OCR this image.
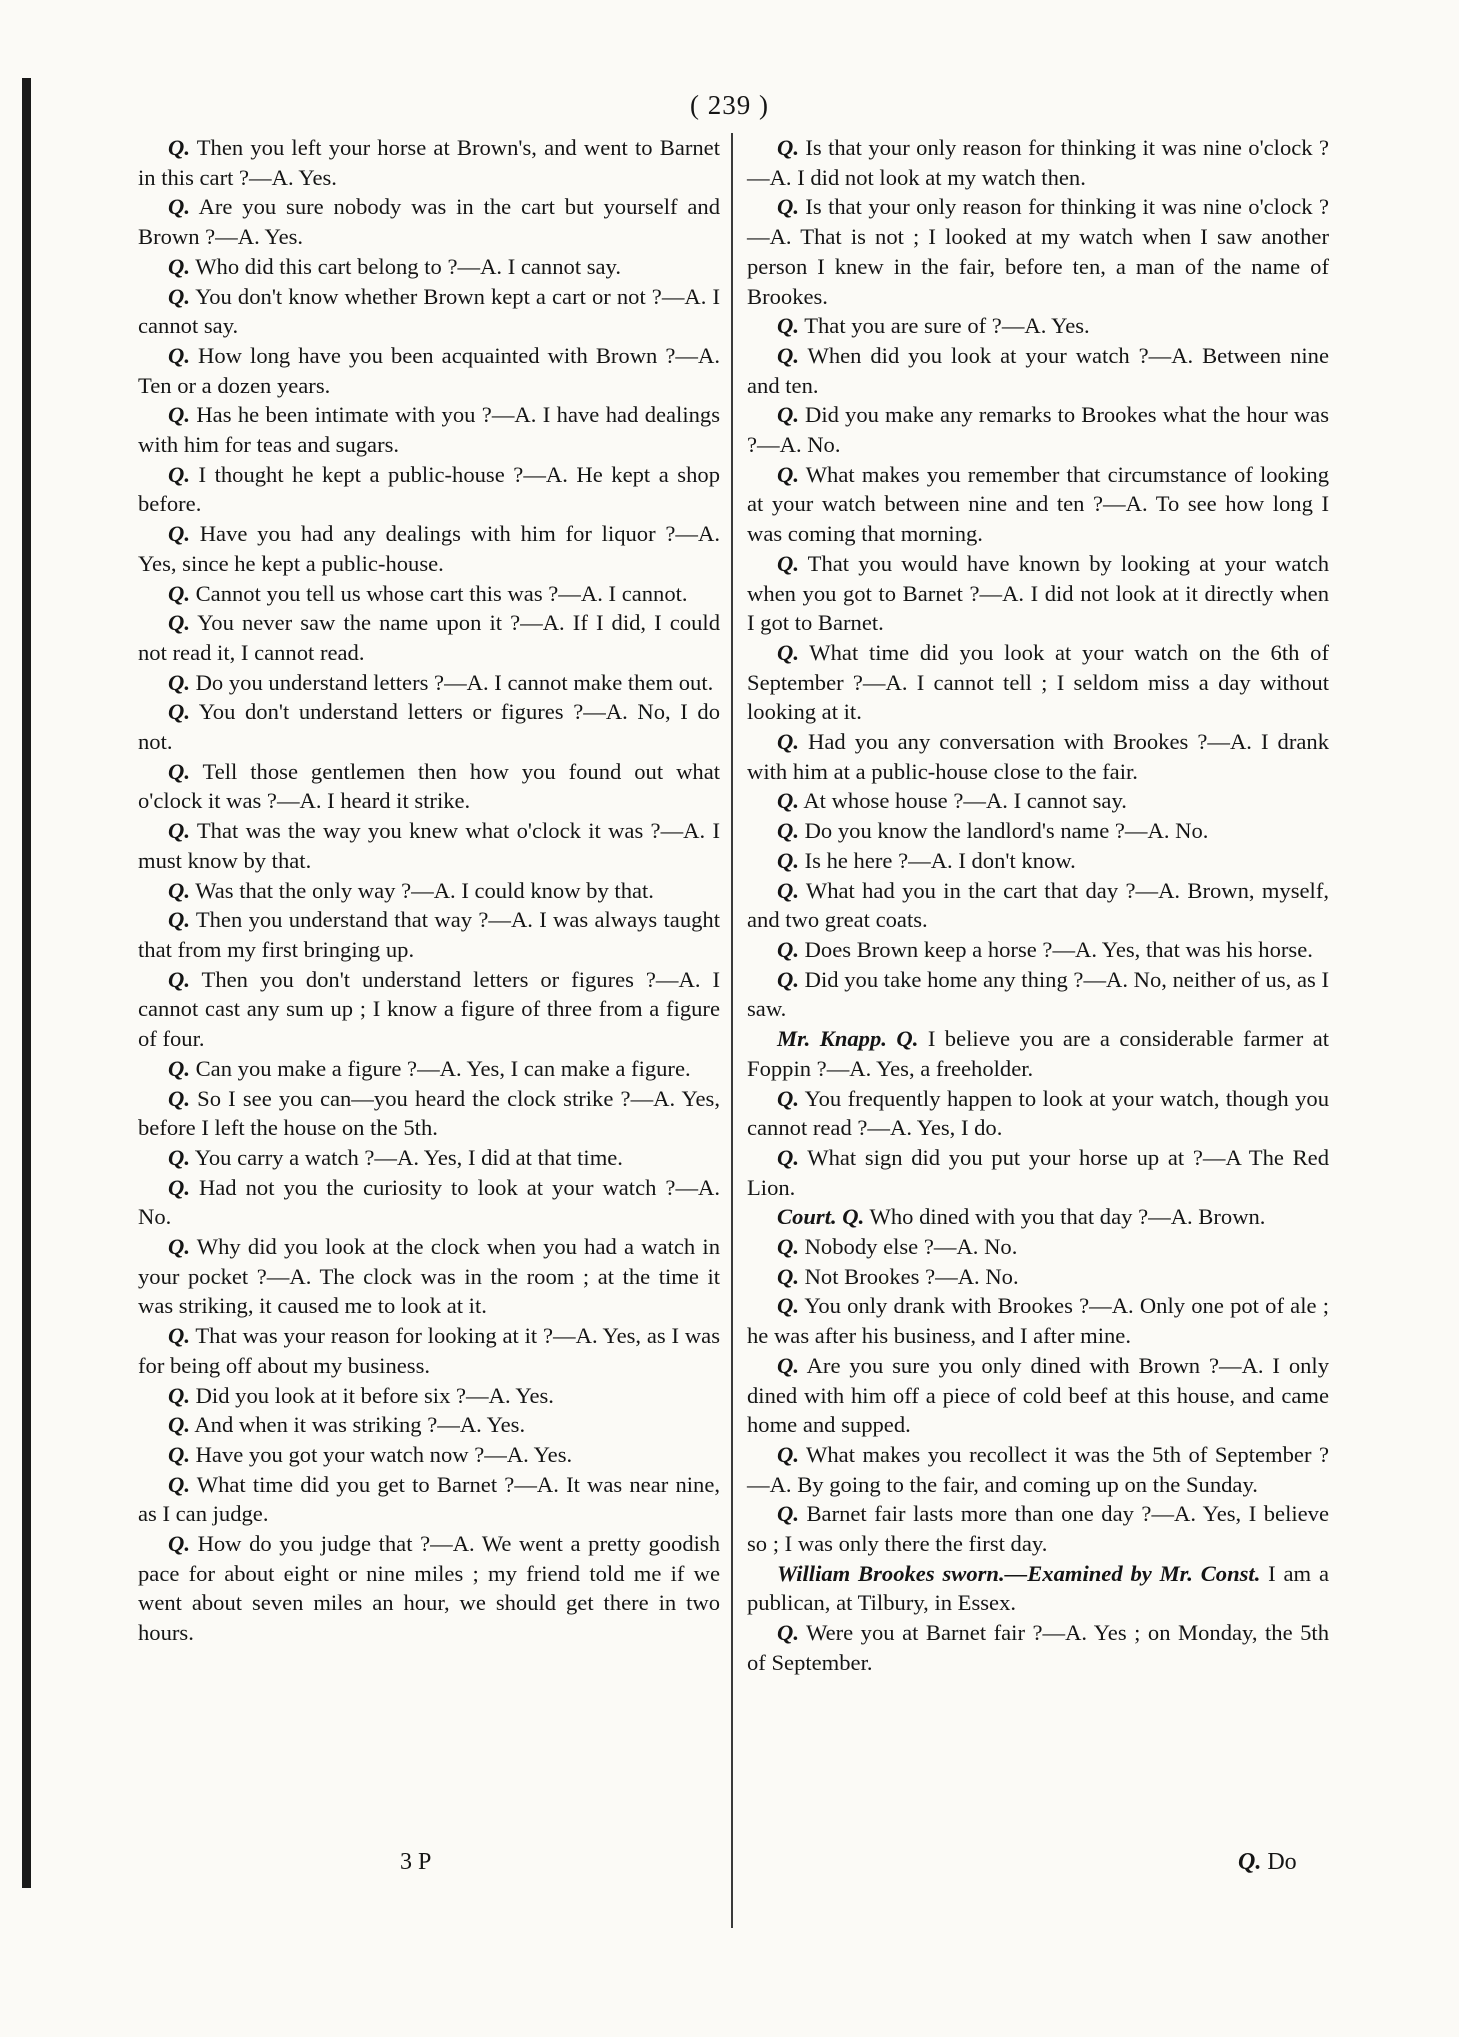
( 239 )

Q. Then you left your horse at Brown's, and went to Barnet in this cart ?—A. Yes.

Q. Are you sure nobody was in the cart but yourself and Brown ?—A. Yes.

Q. Who did this cart belong to ?—A. I cannot say.

Q. You don't know whether Brown kept a cart or not ?—A. I cannot say.

Q. How long have you been acquainted with Brown ?—A. Ten or a dozen years.

Q. Has he been intimate with you ?—A. I have had dealings with him for teas and sugars.

Q. I thought he kept a public-house ?—A. He kept a shop before.

Q. Have you had any dealings with him for liquor ?—A. Yes, since he kept a public-house.

Q. Cannot you tell us whose cart this was ?—A. I cannot.

Q. You never saw the name upon it ?—A. If I did, I could not read it, I cannot read.

Q. Do you understand letters ?—A. I cannot make them out.

Q. You don't understand letters or figures ?—A. No, I do not.

Q. Tell those gentlemen then how you found out what o'clock it was ?—A. I heard it strike.

Q. That was the way you knew what o'clock it was ?—A. I must know by that.

Q. Was that the only way ?—A. I could know by that.

Q. Then you understand that way ?—A. I was always taught that from my first bringing up.

Q. Then you don't understand letters or figures ?—A. I cannot cast any sum up ; I know a figure of three from a figure of four.

Q. Can you make a figure ?—A. Yes, I can make a figure.

Q. So I see you can—you heard the clock strike ?—A. Yes, before I left the house on the 5th.

Q. You carry a watch ?—A. Yes, I did at that time.

Q. Had not you the curiosity to look at your watch ?—A. No.

Q. Why did you look at the clock when you had a watch in your pocket ?—A. The clock was in the room ; at the time it was striking, it caused me to look at it.

Q. That was your reason for looking at it ?—A. Yes, as I was for being off about my business.

Q. Did you look at it before six ?—A. Yes.

Q. And when it was striking ?—A. Yes.

Q. Have you got your watch now ?—A. Yes.

Q. What time did you get to Barnet ?—A. It was near nine, as I can judge.

Q. How do you judge that ?—A. We went a pretty goodish pace for about eight or nine miles ; my friend told me if we went about seven miles an hour, we should get there in two hours.

Q. Is that your only reason for thinking it was nine o'clock ?—A. I did not look at my watch then.

Q. Is that your only reason for thinking it was nine o'clock ?—A. That is not ; I looked at my watch when I saw another person I knew in the fair, before ten, a man of the name of Brookes.

Q. That you are sure of ?—A. Yes.

Q. When did you look at your watch ?—A. Between nine and ten.

Q. Did you make any remarks to Brookes what the hour was ?—A. No.

Q. What makes you remember that circumstance of looking at your watch between nine and ten ?—A. To see how long I was coming that morning.

Q. That you would have known by looking at your watch when you got to Barnet ?—A. I did not look at it directly when I got to Barnet.

Q. What time did you look at your watch on the 6th of September ?—A. I cannot tell ; I seldom miss a day without looking at it.

Q. Had you any conversation with Brookes ?—A. I drank with him at a public-house close to the fair.

Q. At whose house ?—A. I cannot say.

Q. Do you know the landlord's name ?—A. No.

Q. Is he here ?—A. I don't know.

Q. What had you in the cart that day ?—A. Brown, myself, and two great coats.

Q. Does Brown keep a horse ?—A. Yes, that was his horse.

Q. Did you take home any thing ?—A. No, neither of us, as I saw.

Mr. Knapp. Q. I believe you are a considerable farmer at Foppin ?—A. Yes, a freeholder.

Q. You frequently happen to look at your watch, though you cannot read ?—A. Yes, I do.

Q. What sign did you put your horse up at ?—A The Red Lion.

Court. Q. Who dined with you that day ?—A. Brown.

Q. Nobody else ?—A. No.

Q. Not Brookes ?—A. No.

Q. You only drank with Brookes ?—A. Only one pot of ale ; he was after his business, and I after mine.

Q. Are you sure you only dined with Brown ?—A. I only dined with him off a piece of cold beef at this house, and came home and supped.

Q. What makes you recollect it was the 5th of September ?—A. By going to the fair, and coming up on the Sunday.

Q. Barnet fair lasts more than one day ?—A. Yes, I believe so ; I was only there the first day.

William Brookes sworn.—Examined by Mr. Const. I am a publican, at Tilbury, in Essex.

Q. Were you at Barnet fair ?—A. Yes ; on Monday, the 5th of September.

3 P	Q. Do
